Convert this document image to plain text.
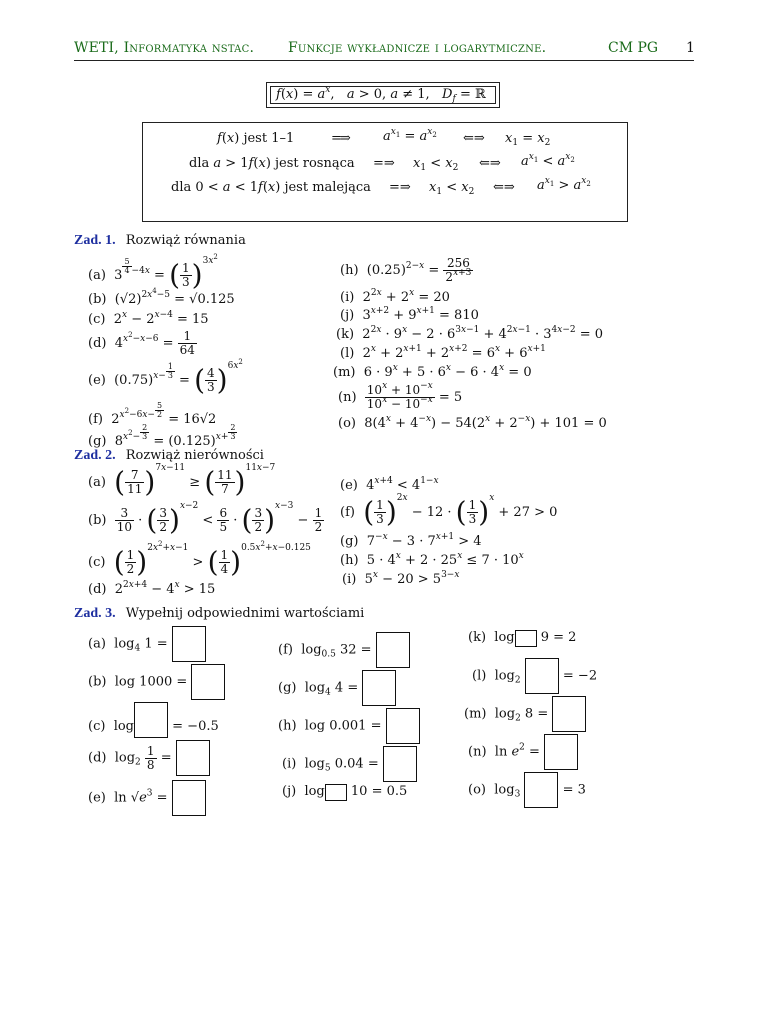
WETI, Informatyka nstac. Funkcje wykładnicze i logarytmiczne.	CM PG 1
$f(x) = a^x$,   a > 0, a ≠ 1,   $D_f$ = ℝ
f(x) jest 1–1	=⇒	$a^{x_1} = a^{x_2}$ ⇐⇒ $x_1 = x_2$
dla a > 1f(x) jest rosnąca =⇒ $x_1 < x_2$ ⇐⇒ $a^{x_1} < a^{x_2}$
dla 0 < a < 1f(x) jest malejąca =⇒ $x_1 < x_2$ ⇐⇒ $a^{x_1} > a^{x_2}$
Zad. 1. Rozwiąż równania
(a)  3
$^{\frac{5}{4} -4x}$ = ( $\frac{1}{3} )^{3x^2}$
(b)  $(√2)^{2x^4-5} = √0.125$
(c)  $2^x - 2^{x-4} = 15$
(d)  $4^{x^2-x-6} = \frac{1}{64}$
(e)  $(0.75)^{x- \frac{1}{3}}$
= ( $\frac{4}{3} )^{6x^2}$
(f)  $2^{x^2-6x- \frac{5}{2}}$
= 16√2
(g)  $8^{x^2- \frac{2}{3}}$
= $(0.125)^{x+ \frac{2}{3}}$
(h)  $(0.25)^{2-x} = \frac{256}{2^{x+3}}$
(i)  $2^{2x} + 2^x = 20$
(j)  $3^{x+2} + 9^{x+1} = 810$
(k)  $2^{2x} \cdot 9^x - 2 \cdot 6^{3x-1} + 4^{2x-1} \cdot 3^{4x-2} = 0$
(l)  $2^x + 2^{x+1} + 2^{x+2} = 6^x + 6^{x+1}$
(m)  $6 \cdot 9^x + 5 \cdot 6^x - 6 \cdot 4^x = 0$
$(n) \frac{10^x + 10^{-x}}{10^x - 10^{-x}} = 5$
(o)  $8(4^x + 4^{-x}) - 54(2^x + 2^{-x}) + 101 = 0$
Zad. 2. Rozwiąż nierówności
(a) ( $\frac{7}{11} )^{7x-11}$ ≥ ( $\frac{11}{7} )^{11x-7}$
$(b) \frac{3}{10}$ · ( $\frac{3}{2} )^{x-2} < \frac{6}{5}$ · ( $\frac{3}{2} )^{x-3} - \frac{1}{2}$
(c) ( $\frac{1}{2} )^{2x^2+x-1}$ > ( $\frac{1}{4} )^{0.5x^2+x-0.125}$
(d)  $2^{2x+4} - 4^x > 15$
(e)  $4^{x+4} < 4^{1-x}$
(f) ( $\frac{1}{3} )^{2x} - 12$ · ( $\frac{1}{3} )^x + 27 > 0$
(g)  $7^{-x} - 3 \cdot 7^{x+1} > 4$
(h)  $5 \cdot 4^x + 2 \cdot 25^x \le 7 \cdot 10^x$
(i)  $5^x - 20 > 5^{3-x}$
Zad. 3. Wypełnij odpowiednimi wartościami
(a)  $\log_4 1$ =
(b)  log 1000 =
(c)  log	= −0.5
(d)  $\log_2 \frac{1}{8}$ =
(e)  $\ln √e^3$ =
(f)  $\log_{0.5} 32$ =
(g)  $\log_4 4$ =
(h)  log 0.001 =
(i)  $\log_5 0.04$ =
(j)  log 10 = 0.5
(k)  log 9 = 2
(l)  $\log_2$	= −2
(m)  $\log_2 8$ =
(n)  $\ln e^2$ =
(o)  $\log_3$	= 3
